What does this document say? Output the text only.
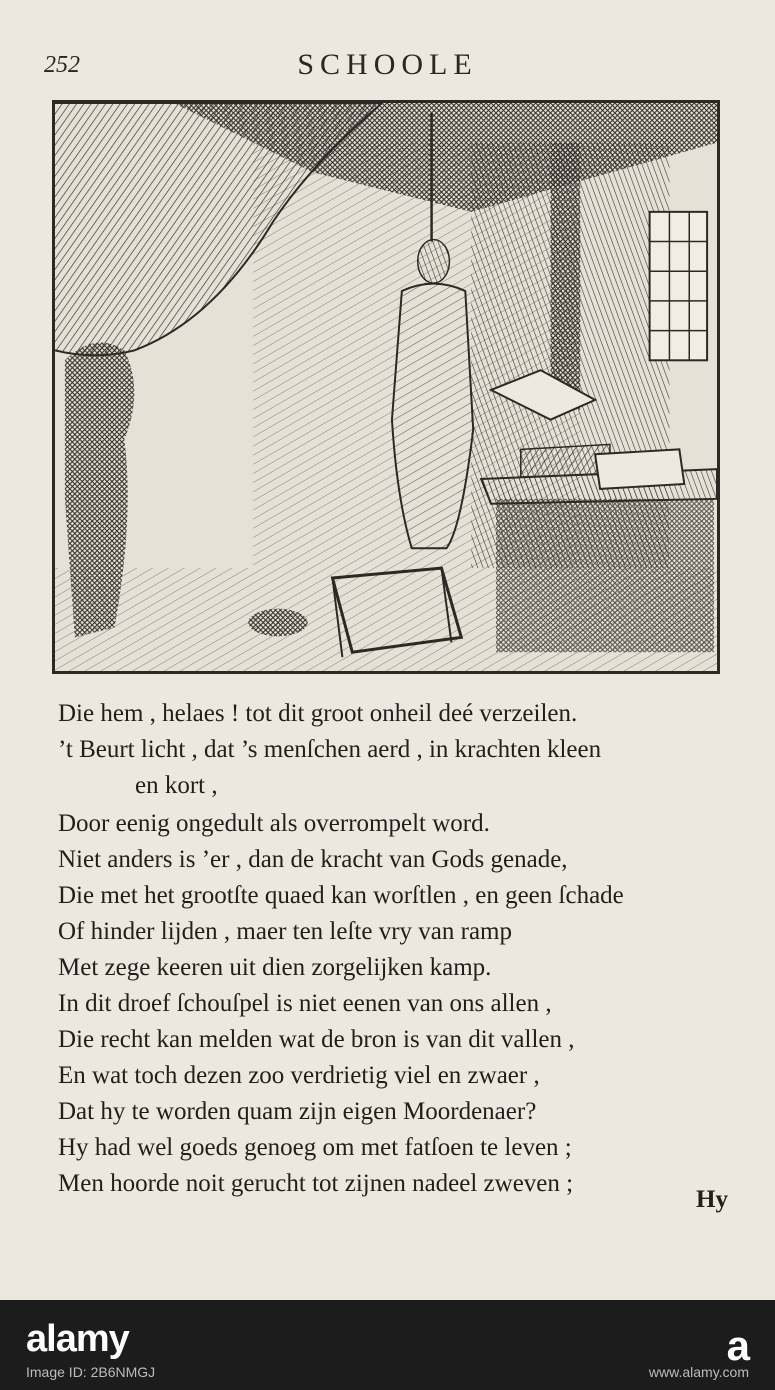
252	SCHOOLE
Die hem , helaes ! tot dit groot onheil deé verzeilen.
’t Beurt licht , dat ’s menſchen aerd , in krachten kleen
en kort ,
Door eenig ongedult als overrompelt word.
Niet anders is ’er , dan de kracht van Gods genade,
Die met het grootſte quaed kan worſtlen , en geen ſchade
Of hinder lijden , maer ten leſte vry van ramp
Met zege keeren uit dien zorgelijken kamp.
In dit droef ſchouſpel is niet eenen van ons allen ,
Die recht kan melden wat de bron is van dit vallen ,
En wat toch dezen zoo verdrietig viel en zwaer ,
Dat hy te worden quam zijn eigen Moordenaer?
Hy had wel goeds genoeg om met fatſoen te leven ;
Men hoorde noit gerucht tot zijnen nadeel zweven ;
Hy
alamy
Image ID: 2B6NMGJ	www.alamy.com
a
